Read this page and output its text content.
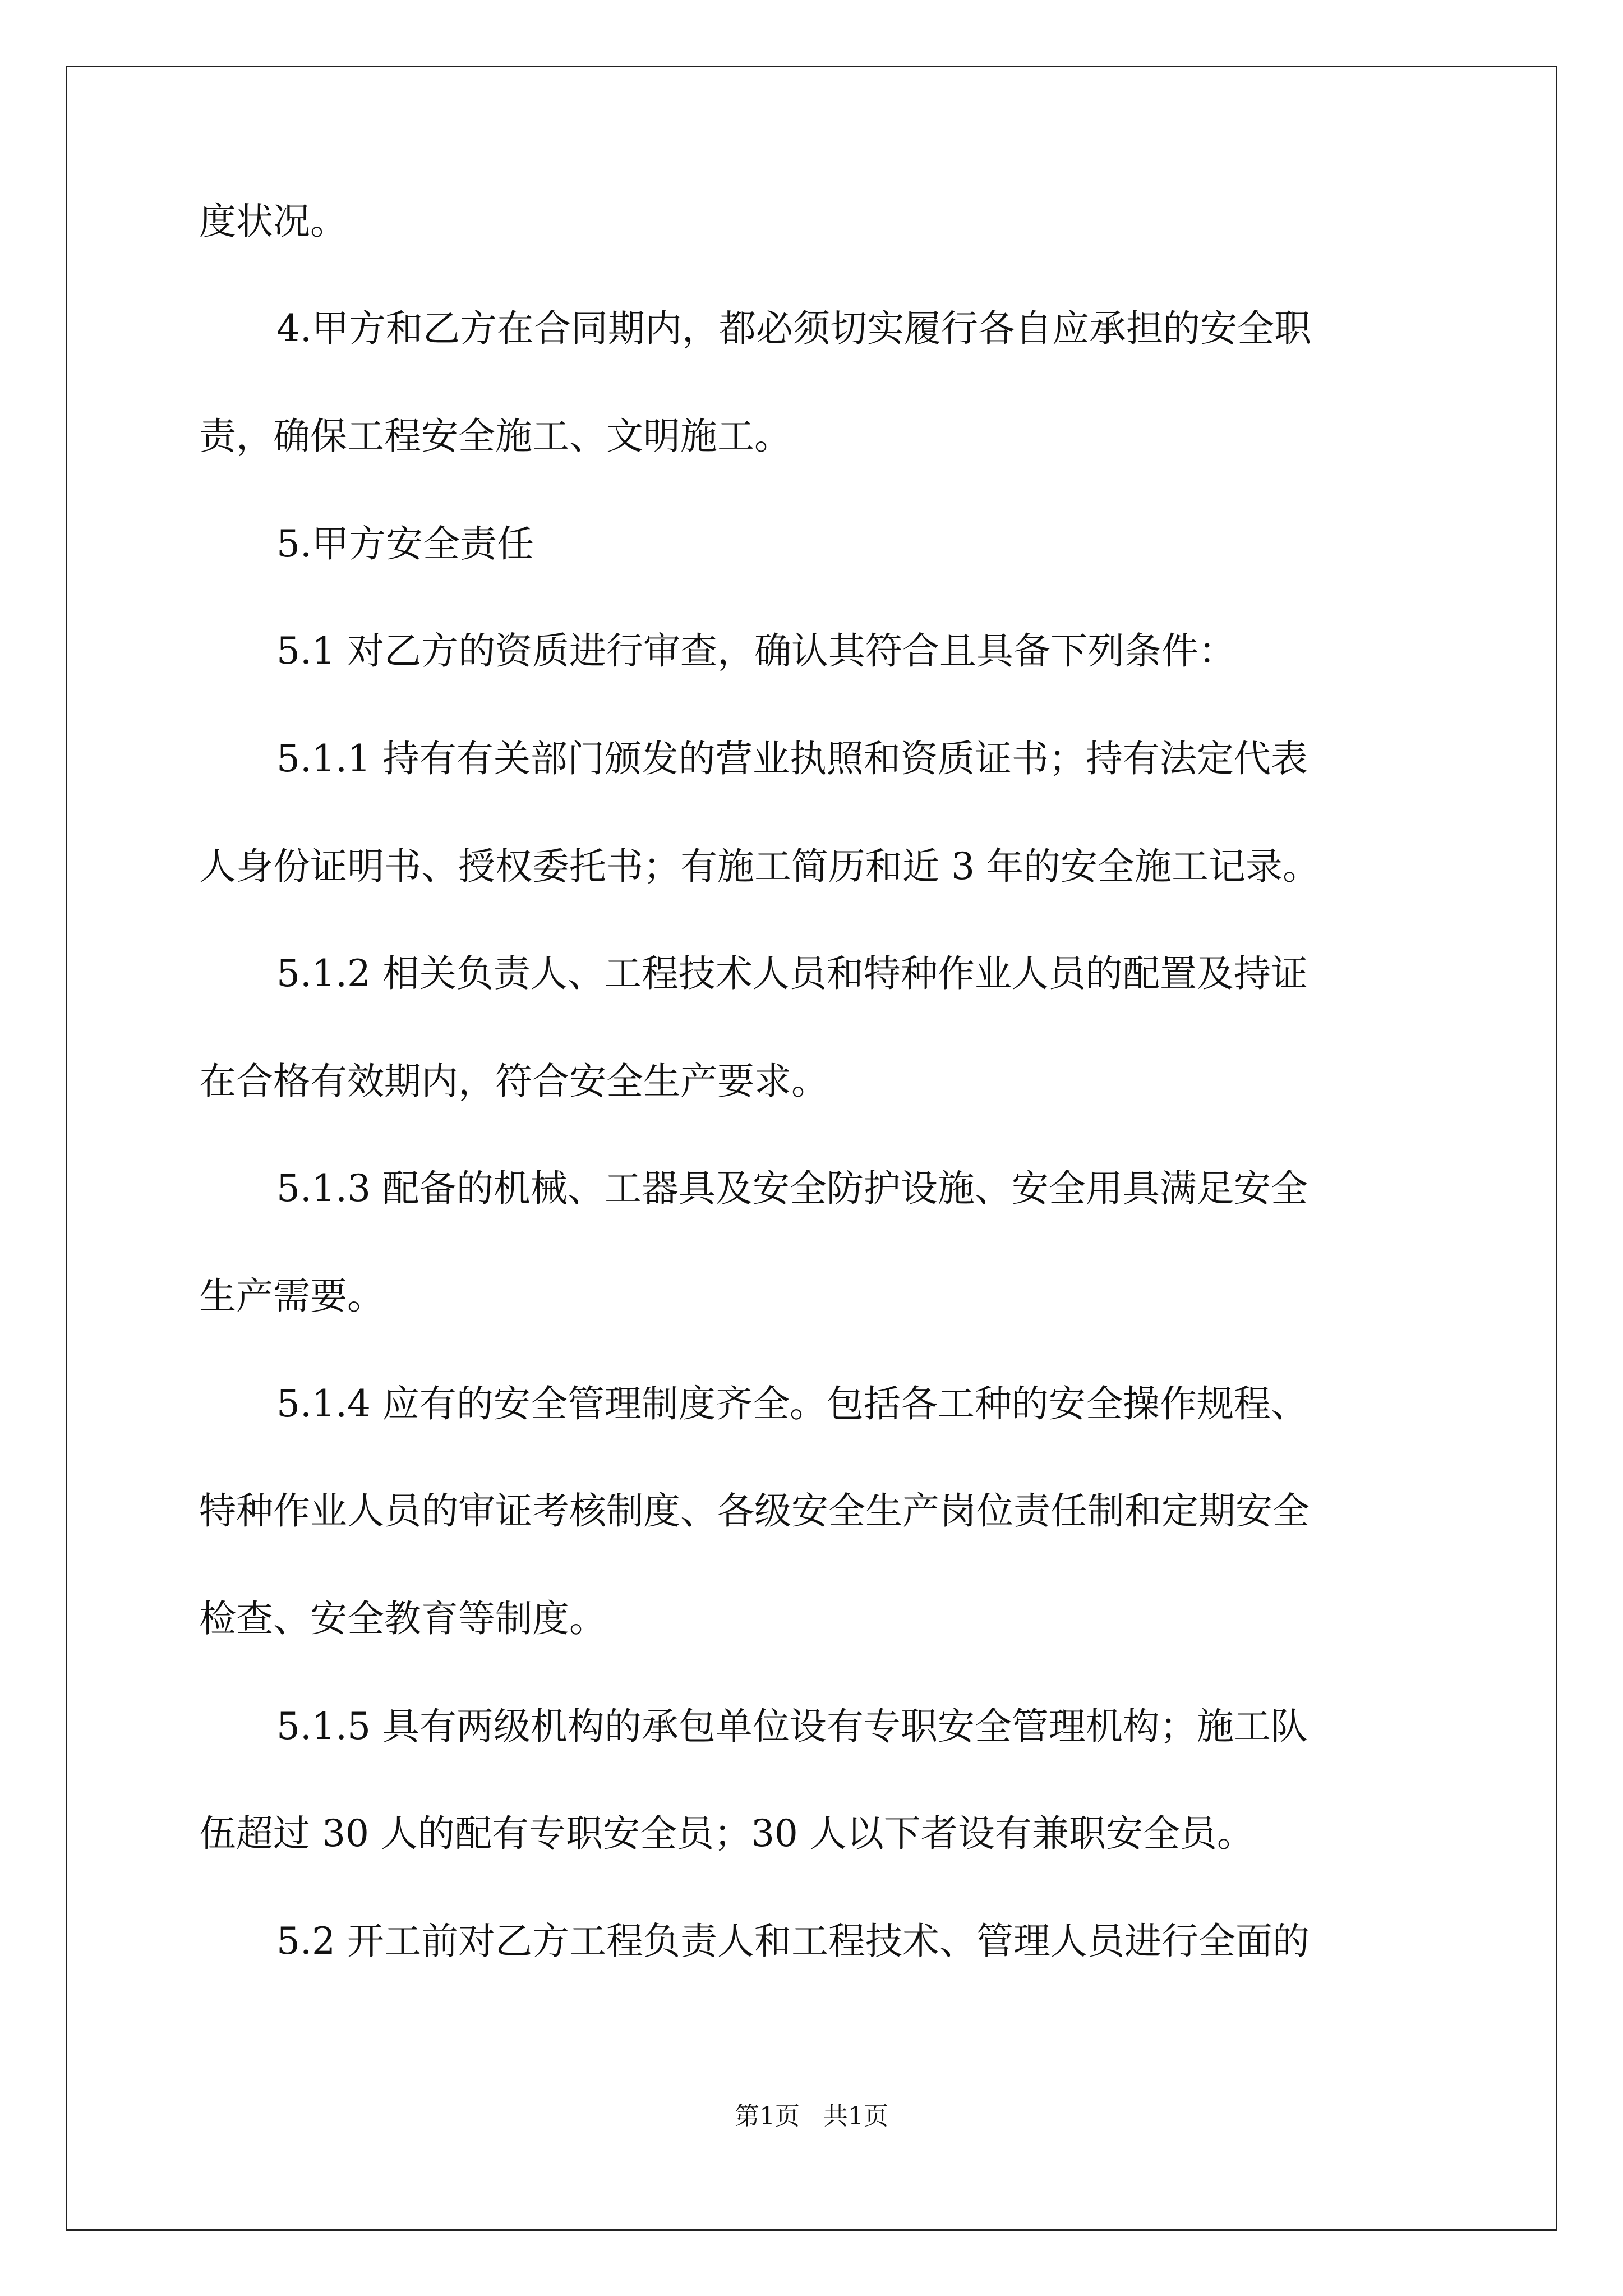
度状况。
4.甲方和乙方在合同期内，都必须切实履行各自应承担的安全职
责，确保工程安全施工、文明施工。
5.甲方安全责任
5.1 对乙方的资质进行审查，确认其符合且具备下列条件：
5.1.1 持有有关部门颁发的营业执照和资质证书；持有法定代表
人身份证明书、授权委托书；有施工简历和近 3 年的安全施工记录。
5.1.2 相关负责人、工程技术人员和特种作业人员的配置及持证
在合格有效期内，符合安全生产要求。
5.1.3 配备的机械、工器具及安全防护设施、安全用具满足安全
生产需要。
5.1.4 应有的安全管理制度齐全。包括各工种的安全操作规程、
特种作业人员的审证考核制度、各级安全生产岗位责任制和定期安全
检查、安全教育等制度。
5.1.5 具有两级机构的承包单位设有专职安全管理机构；施工队
伍超过 30 人的配有专职安全员；30 人以下者设有兼职安全员。
5.2 开工前对乙方工程负责人和工程技术、管理人员进行全面的
第1页   共1页
